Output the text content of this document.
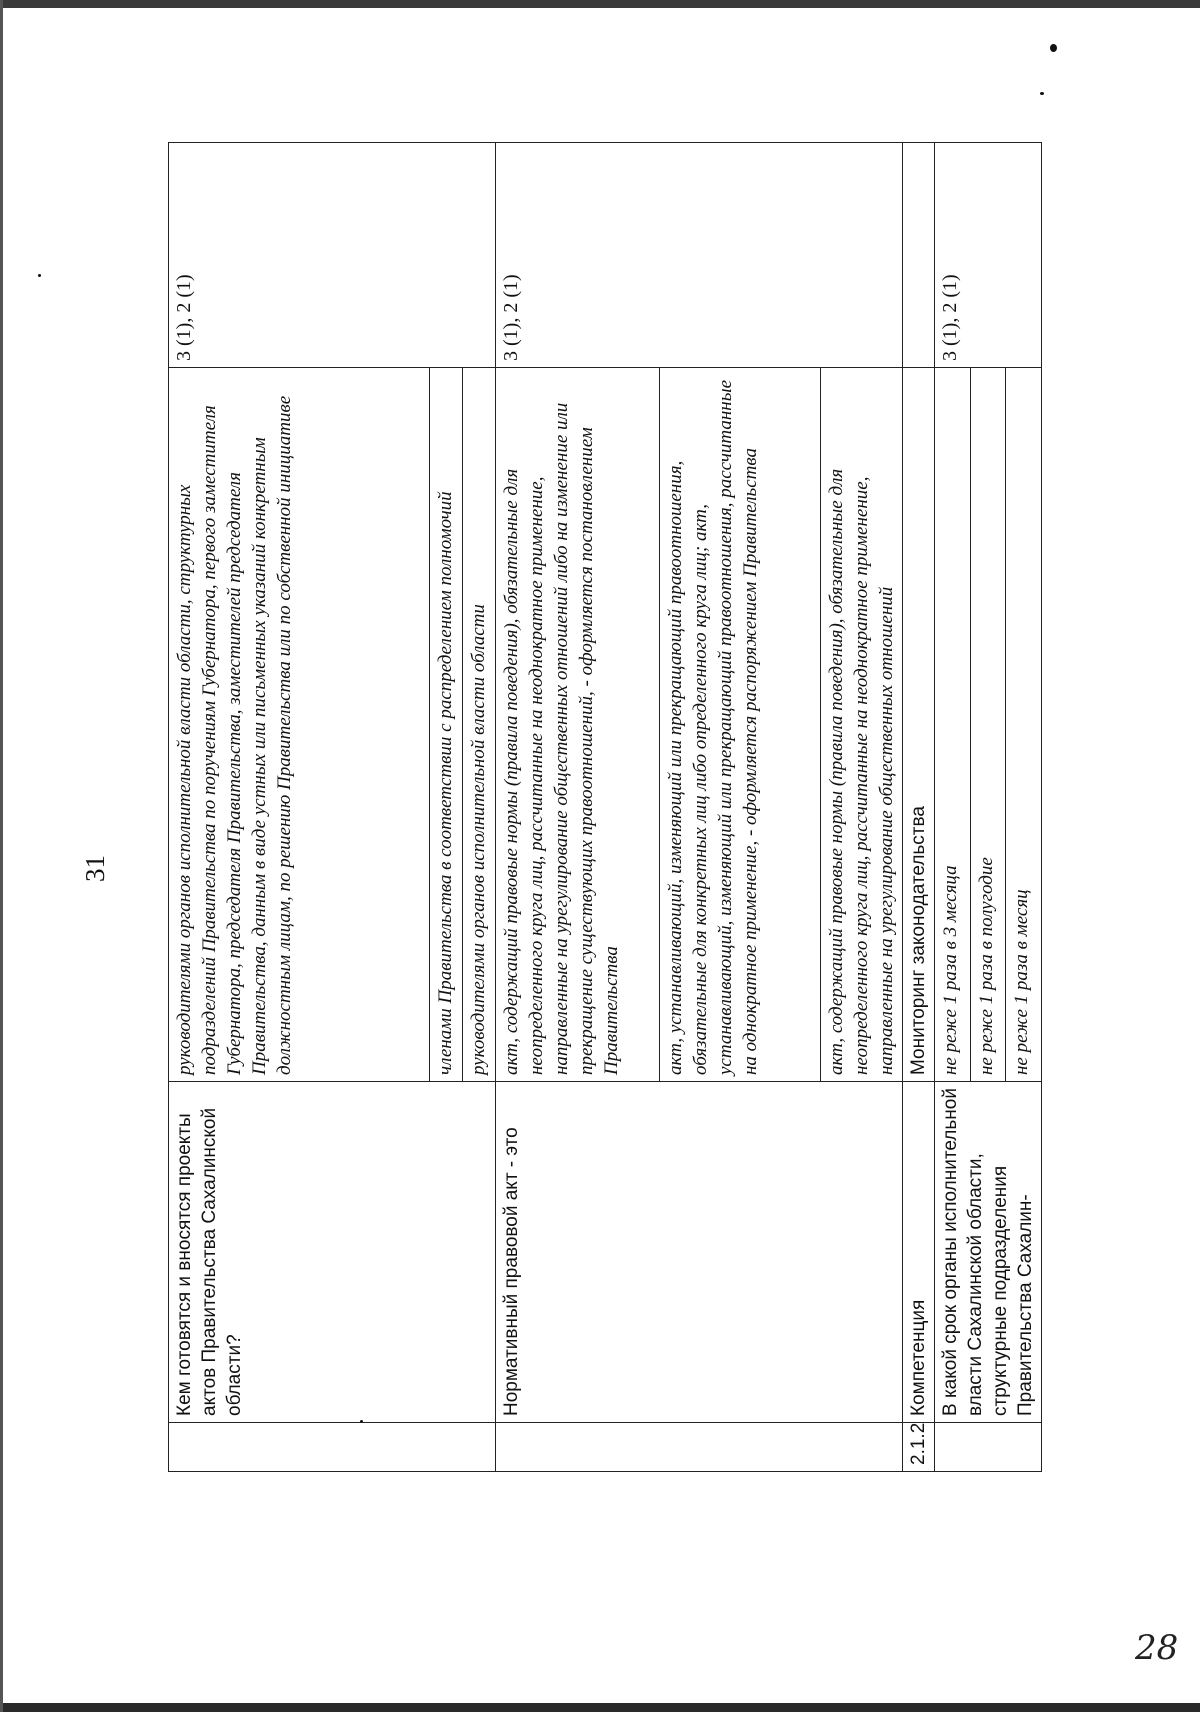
31
	Кем готовятся и вносятся проекты актов Правительства Сахалинской области?	руководителями органов исполнительной власти области, структурных подразделений Правительства по поручениям Губернатора, первого заместителя Губернатора, председателя Правительства, заместителей председателя Правительства, данным в виде устных или письменных указаний конкретным должностным лицам, по решению Правительства или по собственной инициативе	3 (1), 2 (1)

		членами Правительства в соответствии с распределением полномочий	
		руководителями органов исполнительной власти области	
	Нормативный правовой акт - это	акт, содержащий правовые нормы (правила поведения), обязательные для неопределенного круга лиц, рассчитанные на неоднократное применение, направленные на урегулирование общественных отношений либо на изменение или прекращение существующих правоотношений, - оформляется постановлением Правительства	3 (1), 2 (1)

		акт, устанавливающий, изменяющий или прекращающий правоотношения, обязательные для конкретных лиц либо определенного круга лиц; акт, устанавливающий, изменяющий или прекращающий правоотношения, рассчитанные на однократное применение, - оформляется распоряжением Правительства	
		акт, содержащий правовые нормы (правила поведения), обязательные для неопределенного круга лиц, рассчитанные на неоднократное применение, направленные на урегулирование общественных отношений	
2.1.2	Компетенция	Мониторинг законодательства	
	В какой срок органы исполнительной власти Сахалинской области, структурные подразделения Правительства Сахалин-	не реже 1 раза в 3 месяца	3 (1), 2 (1)

		не реже 1 раза в полугодие	
		не реже 1 раза в месяц	
28
